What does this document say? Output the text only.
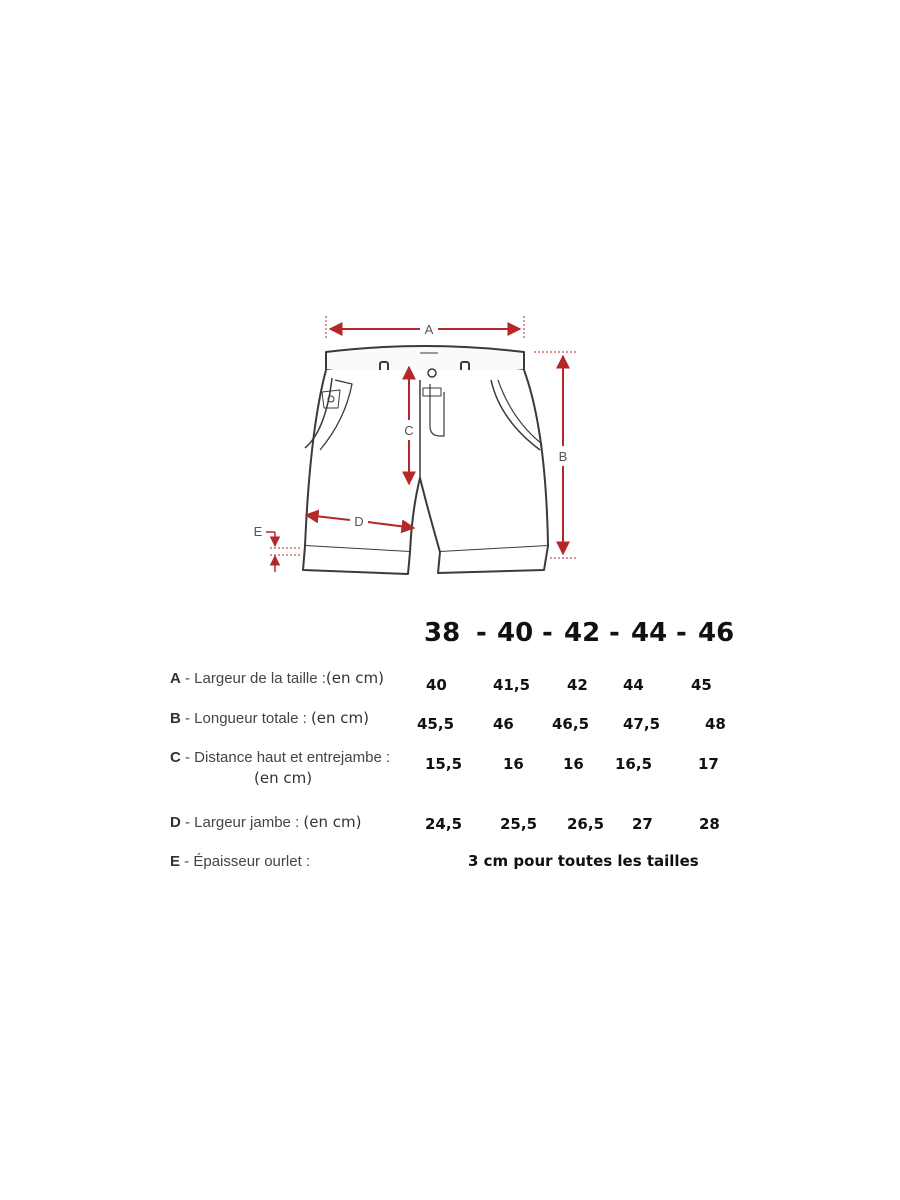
A
B
C
D
E
38 - 40 - 42 - 44 - 46
A - Largeur de la taille :(en cm)	40	41,5 42 44	45
B - Longueur totale : (en cm)	45,5	46	46,5 47,5	48
C - Distance haut et entrejambe :
(en cm)
15,5	16	16 16,5	17
D - Largeur jambe : (en cm)	24,5	25,5 26,5 27	28
E - Épaisseur ourlet :	3 cm pour toutes les tailles
